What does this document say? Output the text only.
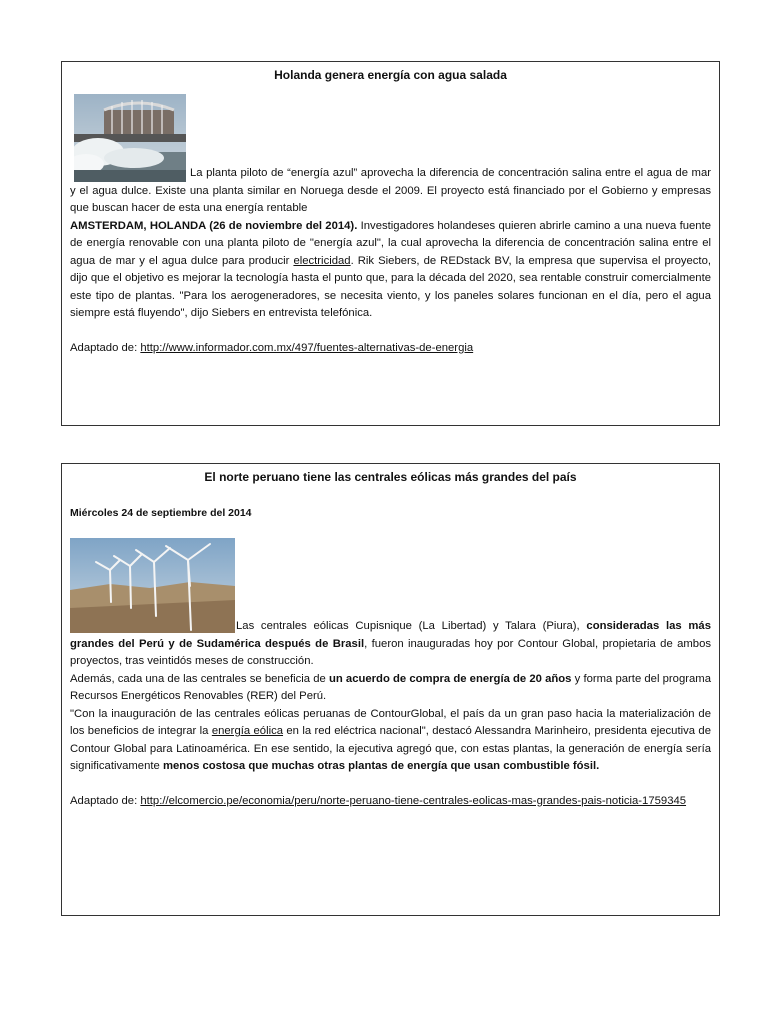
Holanda genera energía con agua salada
La planta piloto de “energía azul” aprovecha la diferencia de concentración salina entre el agua de mar y el agua dulce. Existe una planta similar en Noruega desde el 2009. El proyecto está financiado por el Gobierno y empresas que buscan hacer de esta una energía rentable
AMSTERDAM, HOLANDA (26 de noviembre del 2014). Investigadores holandeses quieren abrirle camino a una nueva fuente de energía renovable con una planta piloto de "energía azul", la cual aprovecha la diferencia de concentración salina entre el agua de mar y el agua dulce para producir electricidad. Rik Siebers, de REDstack BV, la empresa que supervisa el proyecto, dijo que el objetivo es mejorar la tecnología hasta el punto que, para la década del 2020, sea rentable construir comercialmente este tipo de plantas. "Para los aerogeneradores, se necesita viento, y los paneles solares funcionan en el día, pero el agua siempre está fluyendo", dijo Siebers en entrevista telefónica.
Adaptado de: http://www.informador.com.mx/497/fuentes-alternativas-de-energia
El norte peruano tiene las centrales eólicas más grandes del país
Miércoles 24 de septiembre del 2014
Las centrales eólicas Cupisnique (La Libertad) y Talara (Piura), consideradas las más grandes del Perú y de Sudamérica después de Brasil, fueron inauguradas hoy por Contour Global, propietaria de ambos proyectos, tras veintidós meses de construcción.
Además, cada una de las centrales se beneficia de un acuerdo de compra de energía de 20 años y forma parte del programa Recursos Energéticos Renovables (RER) del Perú.
"Con la inauguración de las centrales eólicas peruanas de ContourGlobal, el país da un gran paso hacia la materialización de los beneficios de integrar la energía eólica en la red eléctrica nacional", destacó Alessandra Marinheiro, presidenta ejecutiva de Contour Global para Latinoamérica. En ese sentido, la ejecutiva agregó que, con estas plantas, la generación de energía sería significativamente menos costosa que muchas otras plantas de energía que usan combustible fósil.
Adaptado de: http://elcomercio.pe/economia/peru/norte-peruano-tiene-centrales-eolicas-mas-grandes-pais-noticia-1759345
